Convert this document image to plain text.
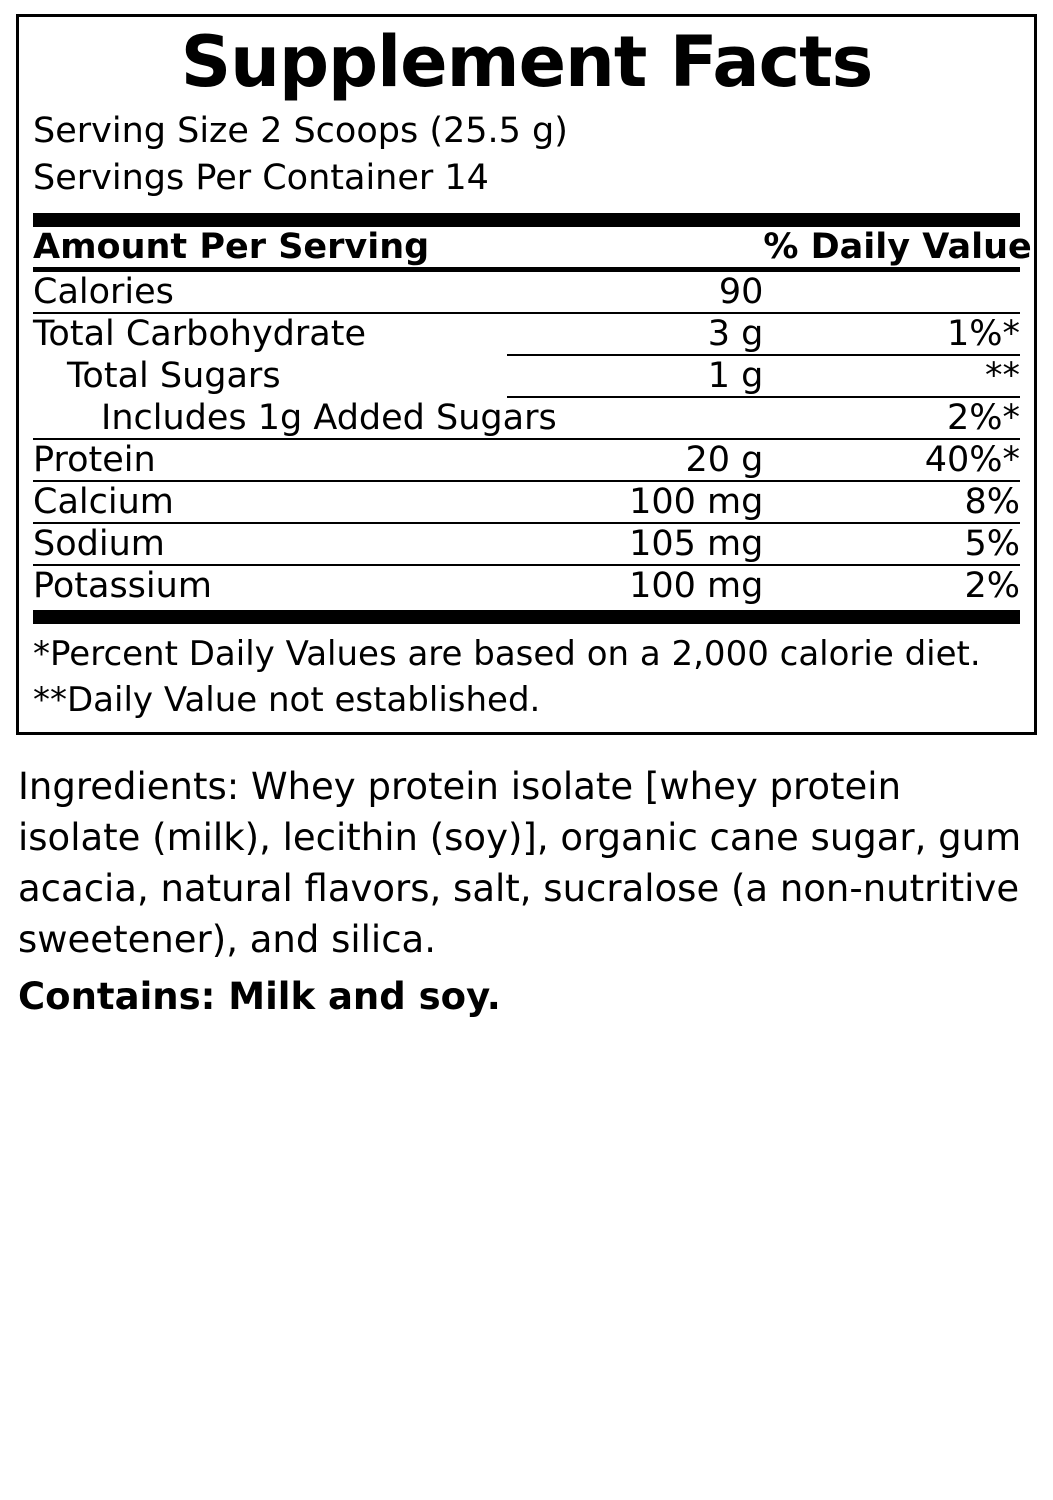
Supplement Facts
Serving Size 2 Scoops (25.5 g)
Servings Per Container 14
Amount Per Serving		% Daily Value

Calories	90	

Total Carbohydrate	3 g	1%*

Total Sugars	1 g	**

Includes 1g Added Sugars		2%*

Protein	20 g	40%*

Calcium	100 mg	8%

Sodium	105 mg	5%

Potassium	100 mg	2%
*Percent Daily Values are based on a 2,000 calorie diet.
**Daily Value not established.
Ingredients: Whey protein isolate [whey protein isolate (milk), lecithin (soy)], organic cane sugar, gum acacia, natural flavors, salt, sucralose (a non-nutritive sweetener), and silica.
Contains: Milk and soy.
